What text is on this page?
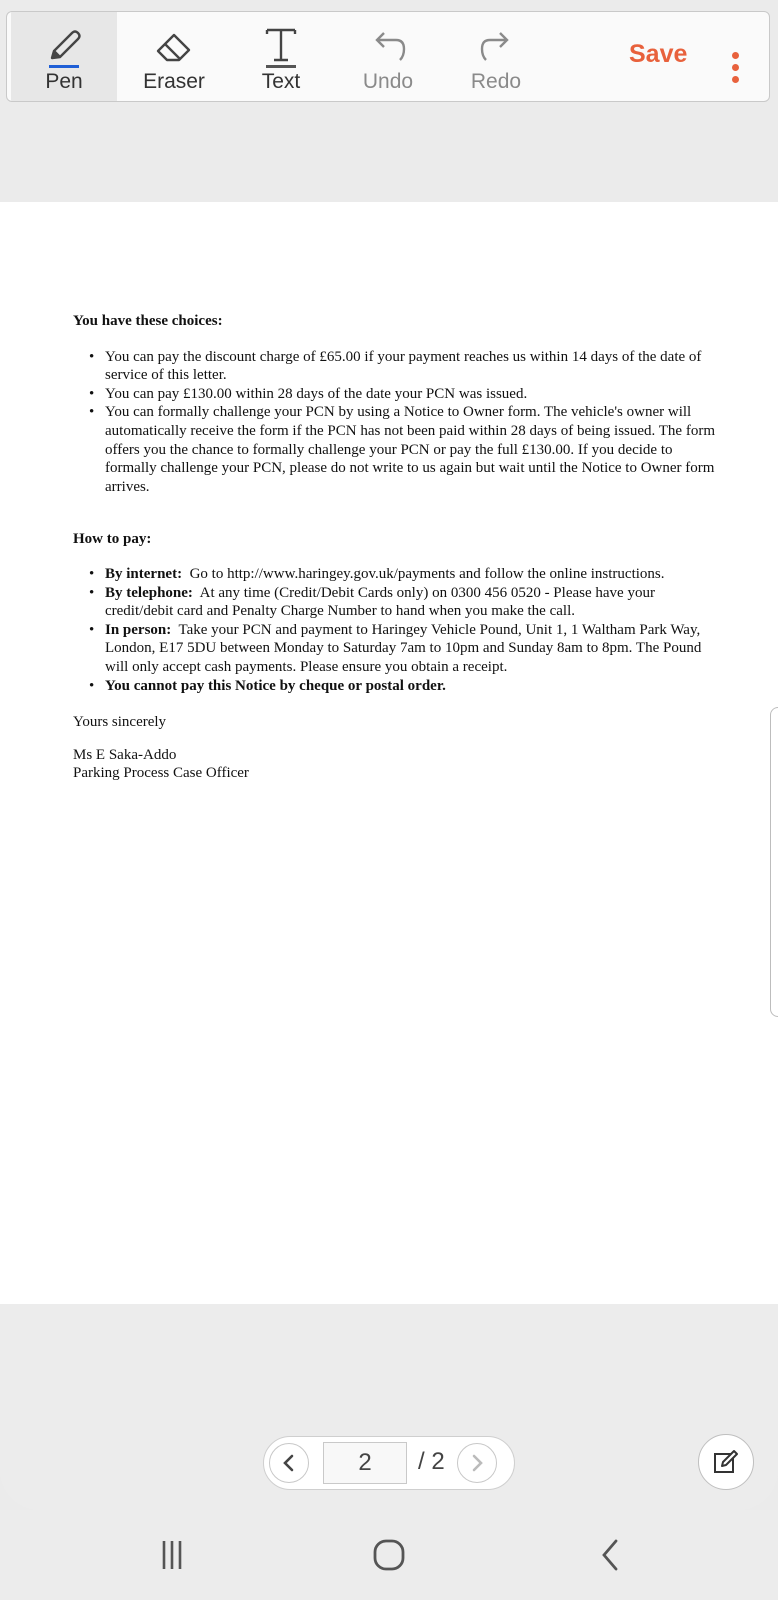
Pen	Eraser	Text	Undo	Redo
Save
You have these choices:
• You can pay the discount charge of £65.00 if your payment reaches us within 14 days of the date of service of this letter.
• You can pay £130.00 within 28 days of the date your PCN was issued.
• You can formally challenge your PCN by using a Notice to Owner form. The vehicle's owner will automatically receive the form if the PCN has not been paid within 28 days of being issued. The form offers you the chance to formally challenge your PCN or pay the full £130.00. If you decide to formally challenge your PCN, please do not write to us again but wait until the Notice to Owner form arrives.
How to pay:
• By internet: Go to http://www.haringey.gov.uk/payments and follow the online instructions.
• By telephone: At any time (Credit/Debit Cards only) on 0300 456 0520 - Please have your credit/debit card and Penalty Charge Number to hand when you make the call.
• In person: Take your PCN and payment to Haringey Vehicle Pound, Unit 1, 1 Waltham Park Way, London, E17 5DU between Monday to Saturday 7am to 10pm and Sunday 8am to 8pm. The Pound will only accept cash payments. Please ensure you obtain a receipt.
• You cannot pay this Notice by cheque or postal order.

Yours sincerely

Ms E Saka-Addo

Parking Process Case Officer

2	/ 2
